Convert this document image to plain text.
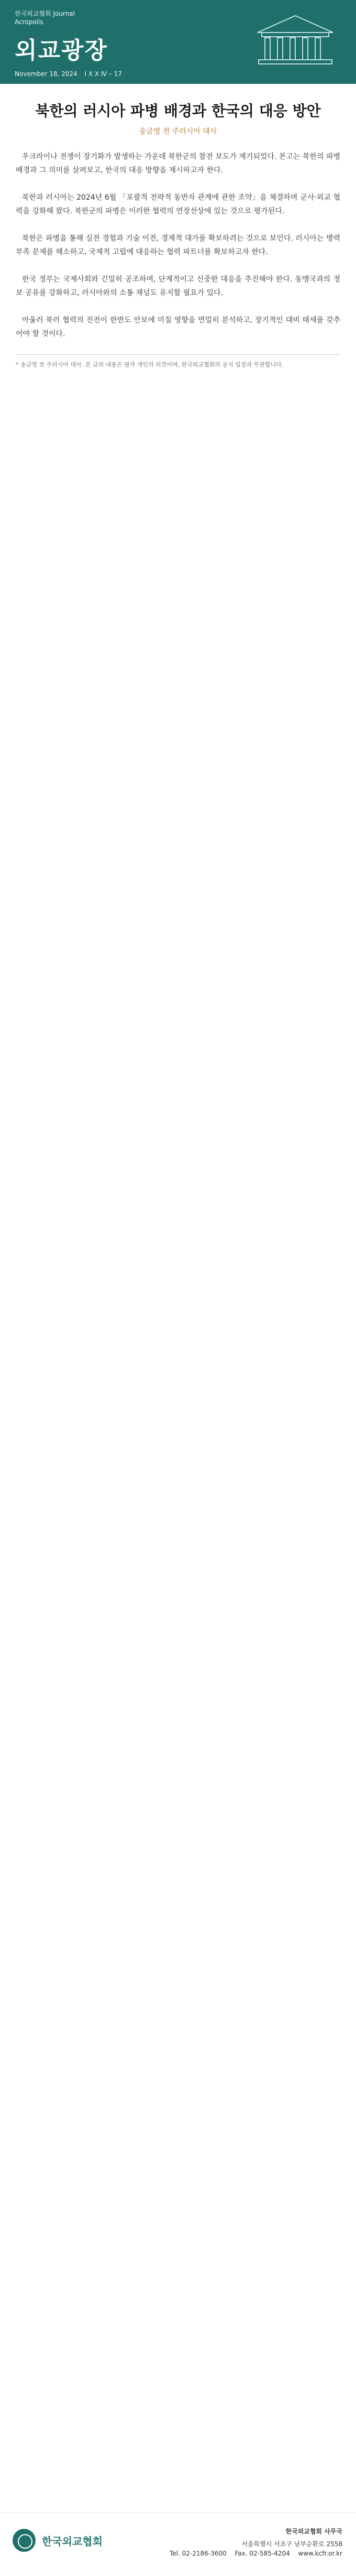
한국외교협회 Journal
Acropolis
외교광장
November 18, 2024 Ⅰ X X Ⅳ – 17
북한의 러시아 파병 배경과 한국의 대응 방안
송금영 전 주러시아 대사

우크라이나 전쟁이 장기화가 발생하는 가운데 북한군의 참전 보도가 제기되었다. 본고는 북한의 파병 배경과 그 의미를 살펴보고, 한국의 대응 방향을 제시하고자 한다.

북한과 러시아는 2024년 6월 「포괄적 전략적 동반자 관계에 관한 조약」을 체결하며 군사·외교 협력을 강화해 왔다. 북한군의 파병은 이러한 협력의 연장선상에 있는 것으로 평가된다.

북한은 파병을 통해 실전 경험과 기술 이전, 경제적 대가를 확보하려는 것으로 보인다. 러시아는 병력 부족 문제를 해소하고, 국제적 고립에 대응하는 협력 파트너를 확보하고자 한다.

한국 정부는 국제사회와 긴밀히 공조하며, 단계적이고 신중한 대응을 추진해야 한다. 동맹국과의 정보 공유를 강화하고, 러시아와의 소통 채널도 유지할 필요가 있다.

아울러 북러 협력의 진전이 한반도 안보에 미칠 영향을 면밀히 분석하고, 장기적인 대비 태세를 갖추어야 할 것이다.

* 송금영 전 주러시아 대사. 본 글의 내용은 필자 개인의 의견이며, 한국외교협회의 공식 입장과 무관합니다.
한국외교협회
한국외교협회 사무국
서울특별시 서초구 남부순환로 2558
Tel. 02-2186-3600 Fax. 02-585-4204 www.kcfr.or.kr
